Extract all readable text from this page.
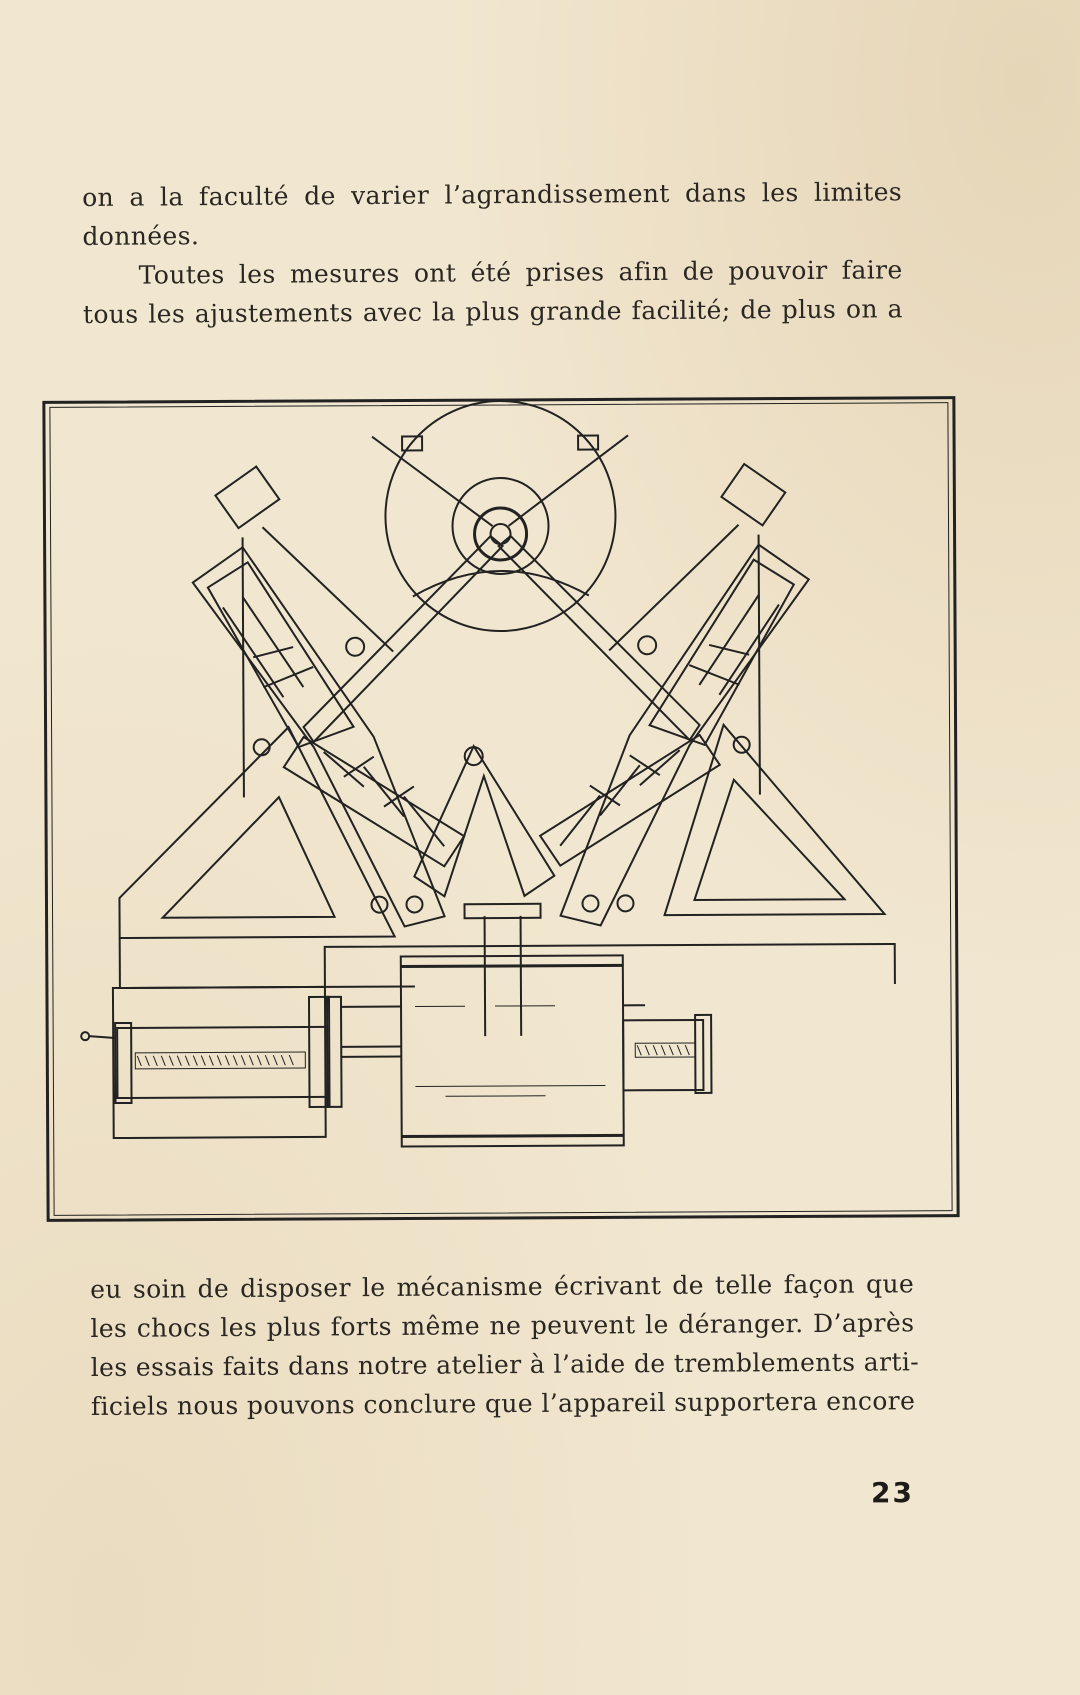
on a la faculté de varier l’agrandissement dans les limites
données.
Toutes les mesures ont été prises afin de pouvoir faire
tous les ajustements avec la plus grande facilité; de plus on a
eu soin de disposer le mécanisme écrivant de telle façon que
les chocs les plus forts même ne peuvent le déranger. D’après
les essais faits dans notre atelier à l’aide de tremblements arti-
ficiels nous pouvons conclure que l’appareil supportera encore
23
